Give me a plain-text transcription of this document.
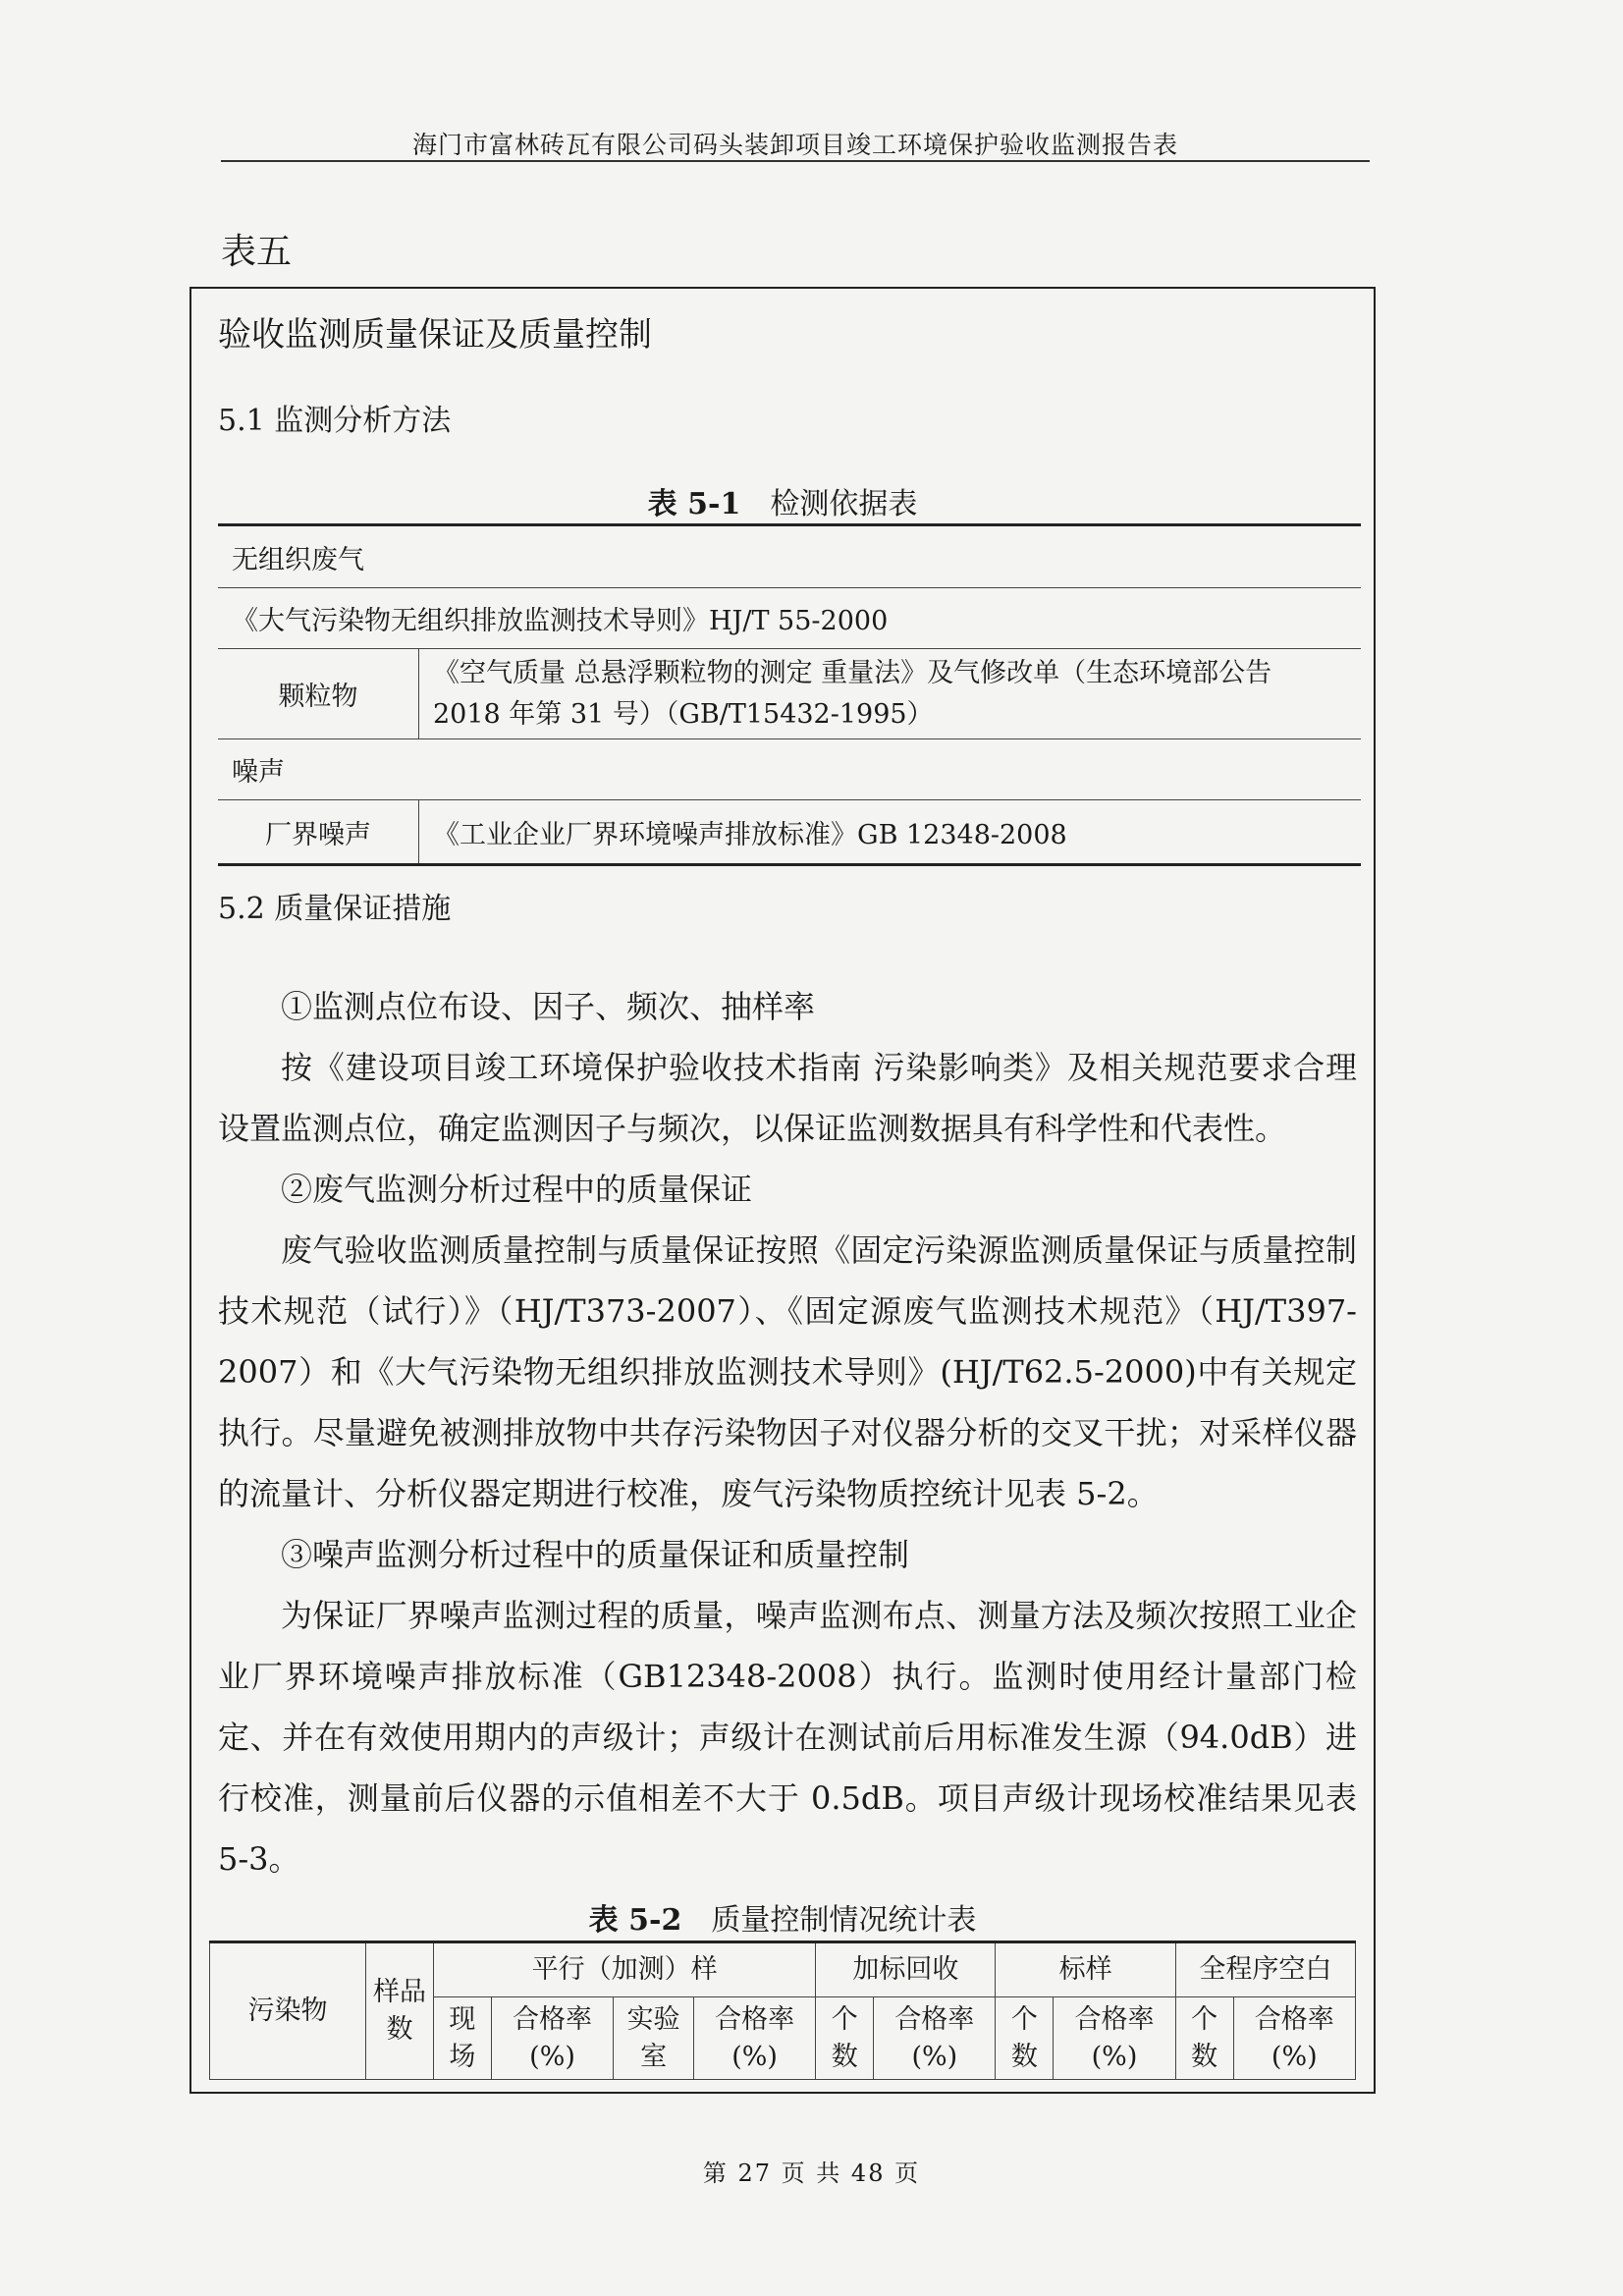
海门市富林砖瓦有限公司码头装卸项目竣工环境保护验收监测报告表
表五
验收监测质量保证及质量控制
5.1 监测分析方法
表 5-1　 检测依据表
无组织废气	
《大气污染物无组织排放监测技术导则》HJ/T 55-2000	
颗粒物	《空气质量 总悬浮颗粒物的测定 重量法》及气修改单（生态环境部公告 2018 年第 31 号）（GB/T15432-1995）
噪声	
厂界噪声	《工业企业厂界环境噪声排放标准》GB 12348-2008
5.2 质量保证措施
①监测点位布设、因子、频次、抽样率
按《建设项目竣工环境保护验收技术指南 污染影响类》及相关规范要求合理设置监测点位，确定监测因子与频次，以保证监测数据具有科学性和代表性。
②废气监测分析过程中的质量保证
废气验收监测质量控制与质量保证按照《固定污染源监测质量保证与质量控制技术规范（试行）》（HJ/T373-2007）、《固定源废气监测技术规范》（HJ/T397-2007）和《大气污染物无组织排放监测技术导则》(HJ/T62.5-2000)中有关规定执行。尽量避免被测排放物中共存污染物因子对仪器分析的交叉干扰；对采样仪器的流量计、分析仪器定期进行校准，废气污染物质控统计见表 5-2。
③噪声监测分析过程中的质量保证和质量控制
为保证厂界噪声监测过程的质量，噪声监测布点、测量方法及频次按照工业企业厂界环境噪声排放标准（GB12348-2008）执行。监测时使用经计量部门检定、并在有效使用期内的声级计；声级计在测试前后用标准发生源（94.0dB）进行校准，测量前后仪器的示值相差不大于 0.5dB。项目声级计现场校准结果见表 5-3。
表 5-2　 质量控制情况统计表
污染物	样品数	平行（加测）样				加标回收		标样		全程序空白	
		现场	合格率(%)	实验室	合格率(%)	个数	合格率(%)	个数	合格率(%)	个数	合格率(%)
第 27 页 共 48 页
